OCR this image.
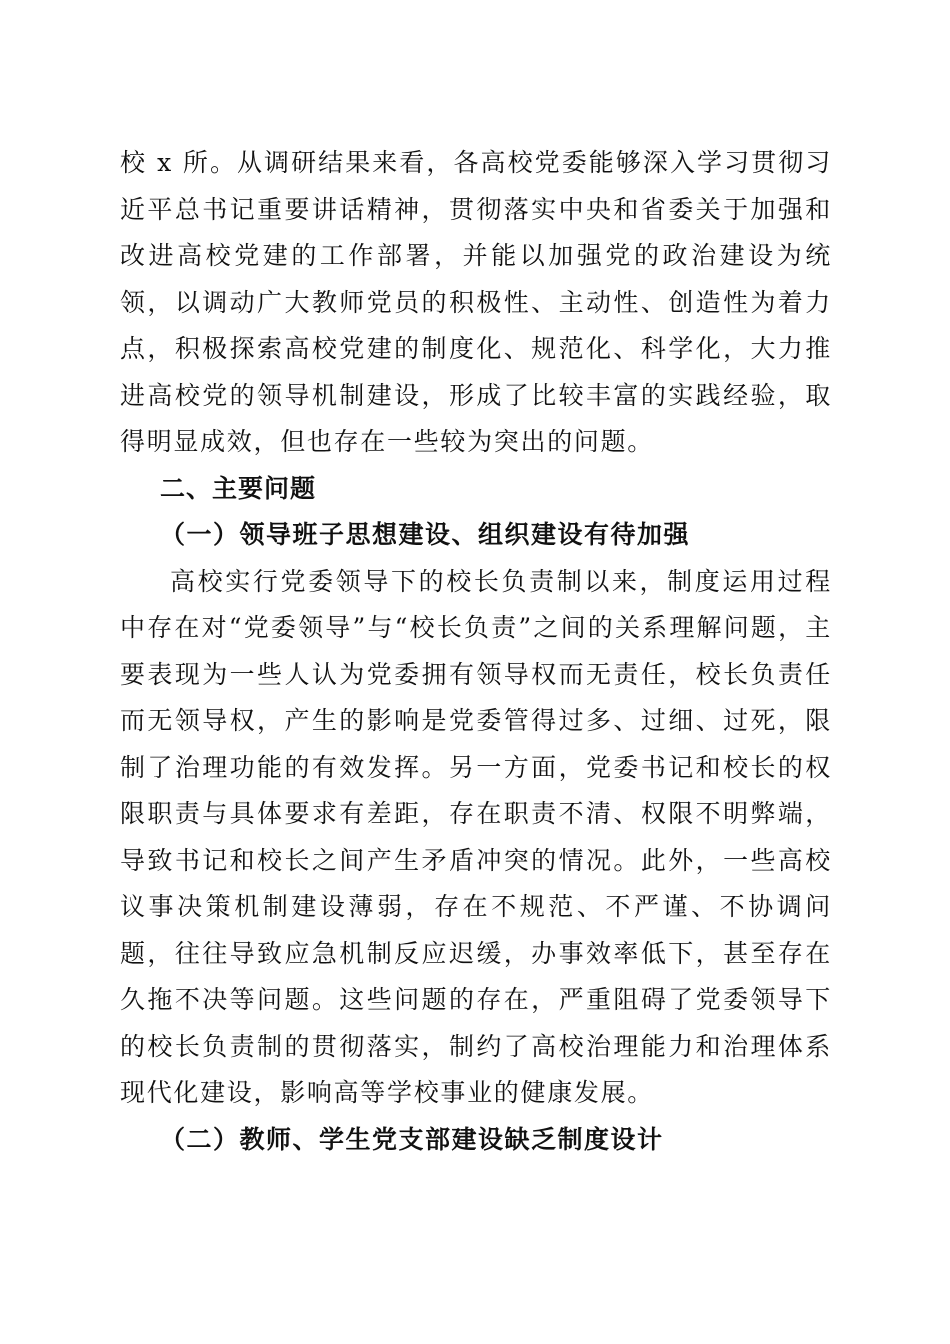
校 x 所。从调研结果来看，各高校党委能够深入学习贯彻习近平总书记重要讲话精神，贯彻落实中央和省委关于加强和改进高校党建的工作部署，并能以加强党的政治建设为统领，以调动广大教师党员的积极性、主动性、创造性为着力点，积极探索高校党建的制度化、规范化、科学化，大力推进高校党的领导机制建设，形成了比较丰富的实践经验，取得明显成效，但也存在一些较为突出的问题。

二、主要问题

（一）领导班子思想建设、组织建设有待加强

高校实行党委领导下的校长负责制以来，制度运用过程中存在对“党委领导”与“校长负责”之间的关系理解问题，主要表现为一些人认为党委拥有领导权而无责任，校长负责任而无领导权，产生的影响是党委管得过多、过细、过死，限制了治理功能的有效发挥。另一方面，党委书记和校长的权限职责与具体要求有差距，存在职责不清、权限不明弊端，导致书记和校长之间产生矛盾冲突的情况。此外，一些高校议事决策机制建设薄弱，存在不规范、不严谨、不协调问题，往往导致应急机制反应迟缓，办事效率低下，甚至存在久拖不决等问题。这些问题的存在，严重阻碍了党委领导下的校长负责制的贯彻落实，制约了高校治理能力和治理体系现代化建设，影响高等学校事业的健康发展。

（二）教师、学生党支部建设缺乏制度设计
